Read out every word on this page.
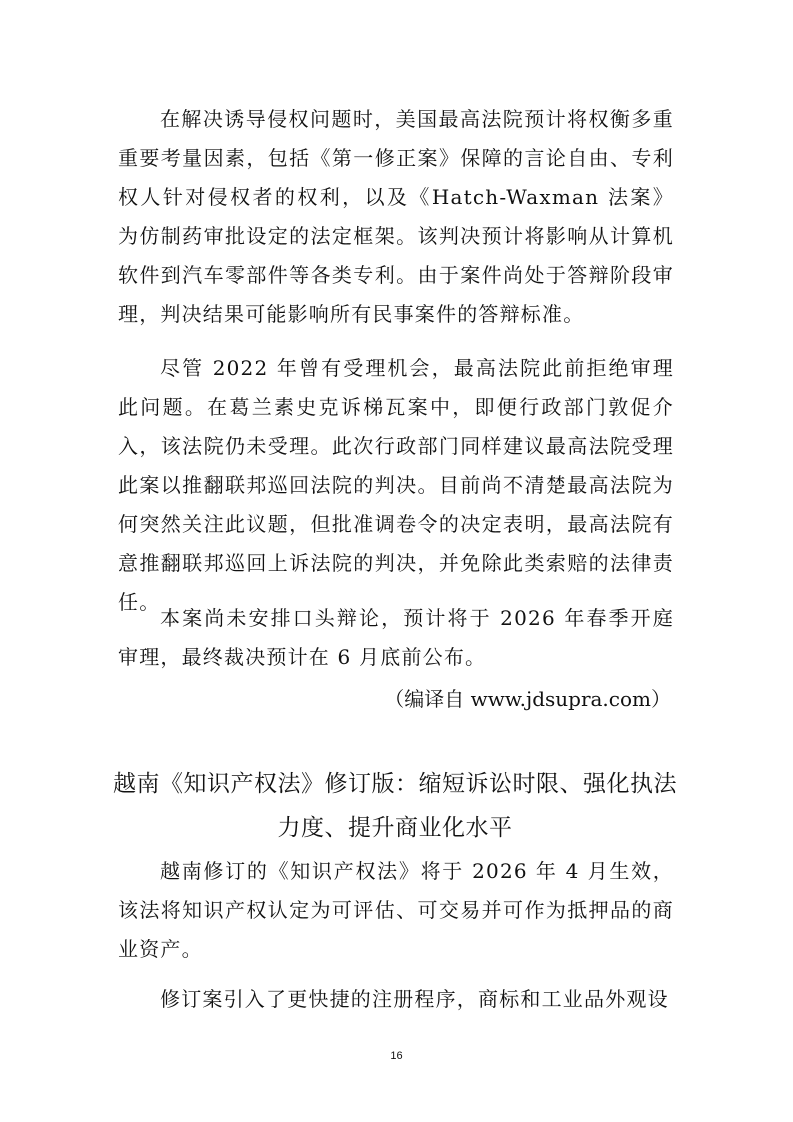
在解决诱导侵权问题时，美国最高法院预计将权衡多重重要考量因素，包括《第一修正案》保障的言论自由、专利权人针对侵权者的权利，以及《Hatch-Waxman 法案》为仿制药审批设定的法定框架。该判决预计将影响从计算机软件到汽车零部件等各类专利。由于案件尚处于答辩阶段审理，判决结果可能影响所有民事案件的答辩标准。

尽管 2022 年曾有受理机会，最高法院此前拒绝审理此问题。在葛兰素史克诉梯瓦案中，即便行政部门敦促介入，该法院仍未受理。此次行政部门同样建议最高法院受理此案以推翻联邦巡回法院的判决。目前尚不清楚最高法院为何突然关注此议题，但批准调卷令的决定表明，最高法院有意推翻联邦巡回上诉法院的判决，并免除此类索赔的法律责任。

本案尚未安排口头辩论，预计将于 2026 年春季开庭审理，最终裁决预计在 6 月底前公布。

（编译自 www.jdsupra.com）

越南《知识产权法》修订版：缩短诉讼时限、强化执法力度、提升商业化水平

越南修订的《知识产权法》将于 2026 年 4 月生效，该法将知识产权认定为可评估、可交易并可作为抵押品的商业资产。

修订案引入了更快捷的注册程序，商标和工业品外观设

16
